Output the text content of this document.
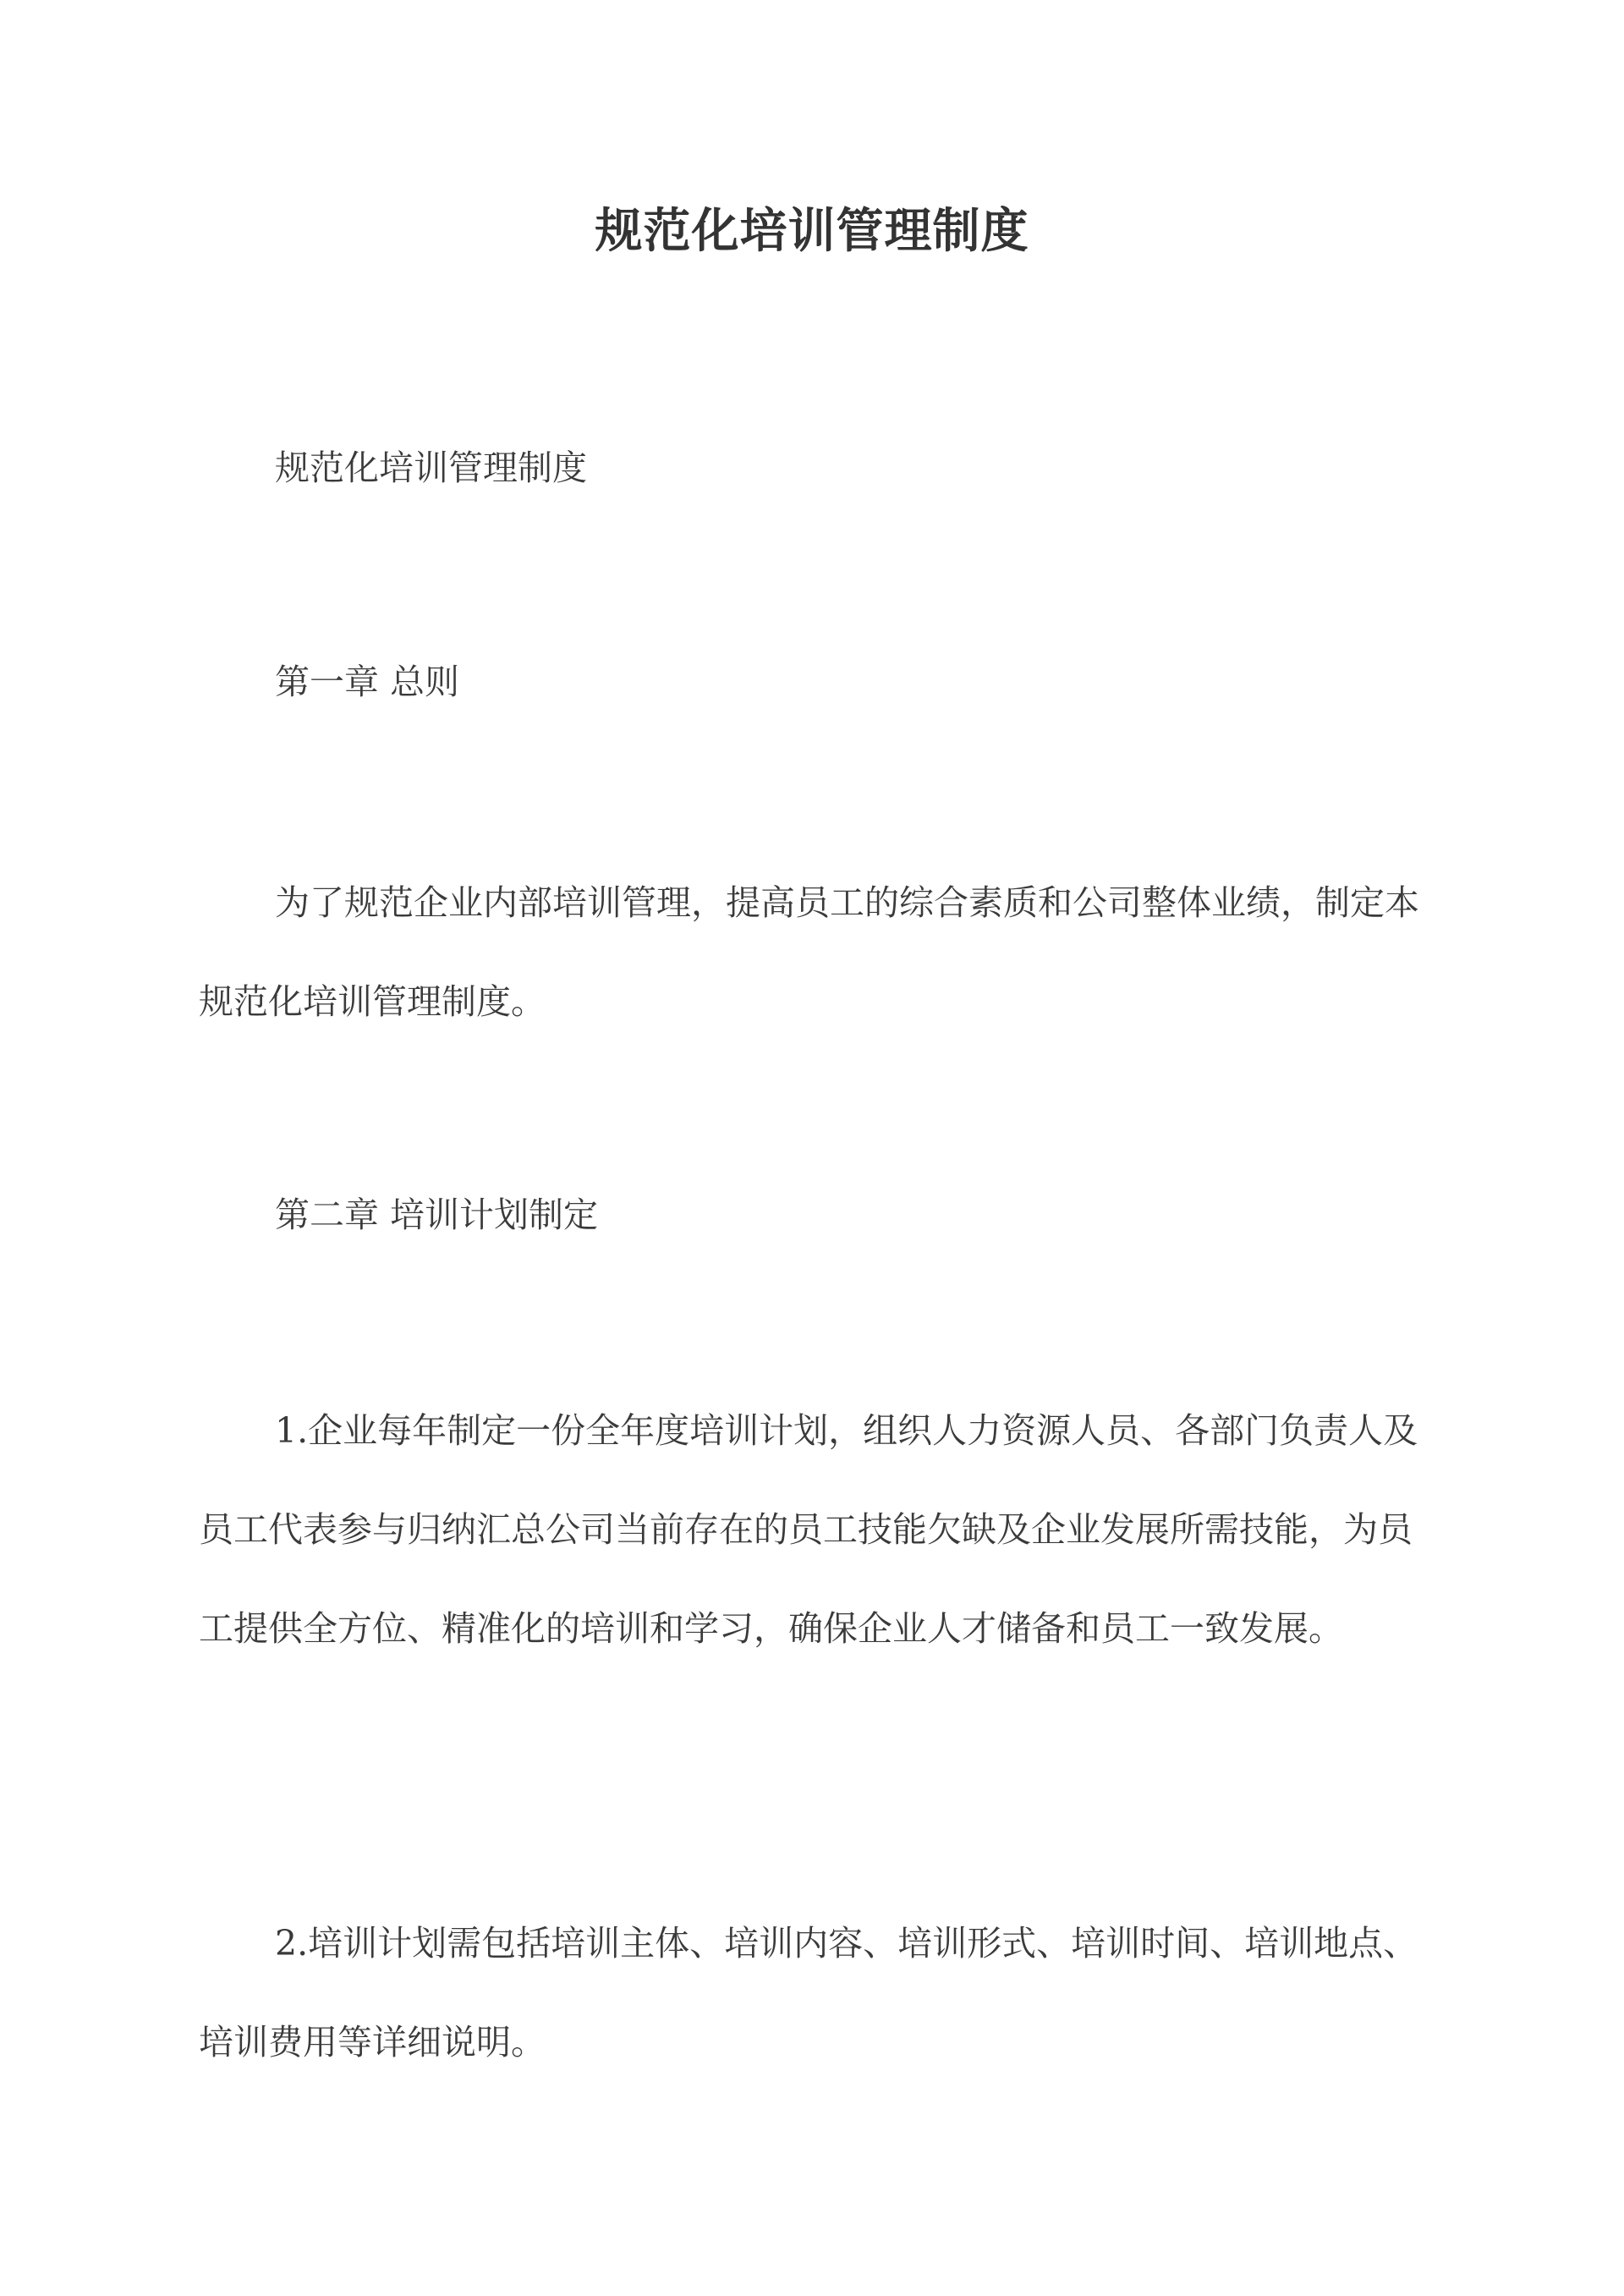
规范化培训管理制度

规范化培训管理制度

第一章 总则

为了规范企业内部培训管理，提高员工的综合素质和公司整体业绩，制定本规范化培训管理制度。

第二章 培训计划制定

1.企业每年制定一份全年度培训计划，组织人力资源人员、各部门负责人及员工代表参与归纳汇总公司当前存在的员工技能欠缺及企业发展所需技能，为员工提供全方位、精准化的培训和学习，确保企业人才储备和员工一致发展。

2.培训计划需包括培训主体、培训内容、培训形式、培训时间、培训地点、培训费用等详细说明。
